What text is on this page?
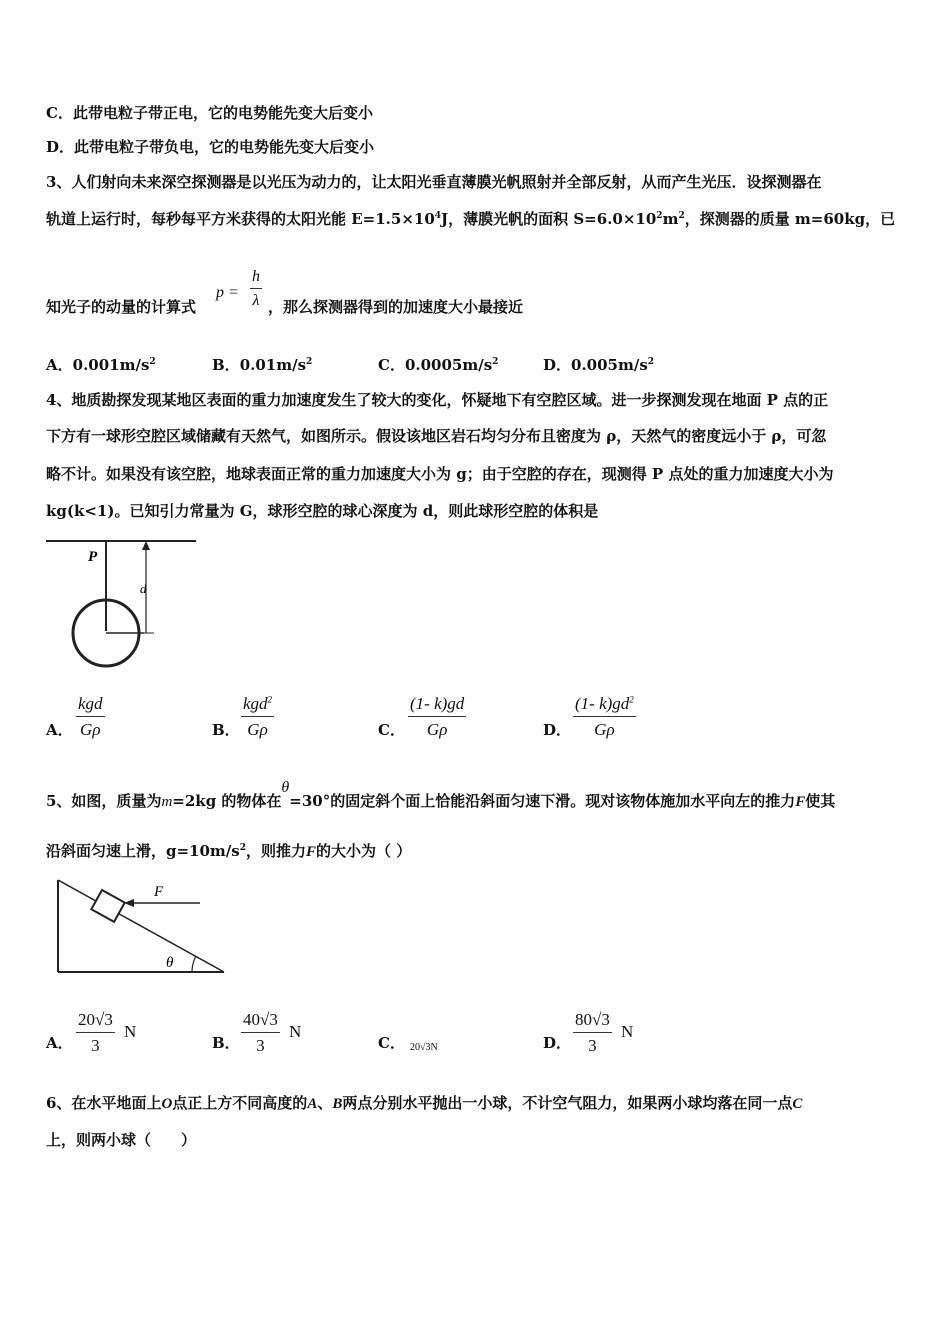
C．此带电粒子带正电，它的电势能先变大后变小
D．此带电粒子带负电，它的电势能先变大后变小
3、人们射向未来深空探测器是以光压为动力的，让太阳光垂直薄膜光帆照射并全部反射，从而产生光压．设探测器在
轨道上运行时，每秒每平方米获得的太阳光能 $E=1.5\times 10^4J$，薄膜光帆的面积 $S=6.0\times 10^2m^2$，探测器的质量 m=60kg，已
知光子的动量的计算式
p =
h
λ ，那么探测器得到的加速度大小最接近
A．$0.001m/s^2$	B．$0.01m/s^2$	C．$0.0005m/s^2$	D．$0.005m/s^2$
4、地质勘探发现某地区表面的重力加速度发生了较大的变化，怀疑地下有空腔区域。进一步探测发现在地面 P 点的正
下方有一球形空腔区域储藏有天然气，如图所示。假设该地区岩石均匀分布且密度为 ρ，天然气的密度远小于 ρ，可忽
略不计。如果没有该空腔，地球表面正常的重力加速度大小为 g；由于空腔的存在，现测得 P 点处的重力加速度大小为
kg(k<1)。已知引力常量为 G，球形空腔的球心深度为 d，则此球形空腔的体积是
P
d
A．
kgd
Gρ	B．
kgd$^2$
Gρ	C． $\frac{(1- k)gd}{G\rho}$	D． $\frac{(1- k)gd^2}{G\rho}$
5、如图，质量为m=2kg 的物体在θ=30°的固定斜个面上恰能沿斜面匀速下滑。现对该物体施加水平向左的推力F使其
沿斜面匀速上滑，$g=10m/s^2$，则推力F的大小为（ ）
F
θ
A． $\frac{20√3}{3}$ N
B． $\frac{40√3}{3}$ N
C． 20√3N	D． $\frac{80√3}{3}$ N
6、在水平地面上O点正上方不同高度的A、B两点分别水平抛出一小球，不计空气阻力，如果两小球均落在同一点C
上，则两小球（　　）
